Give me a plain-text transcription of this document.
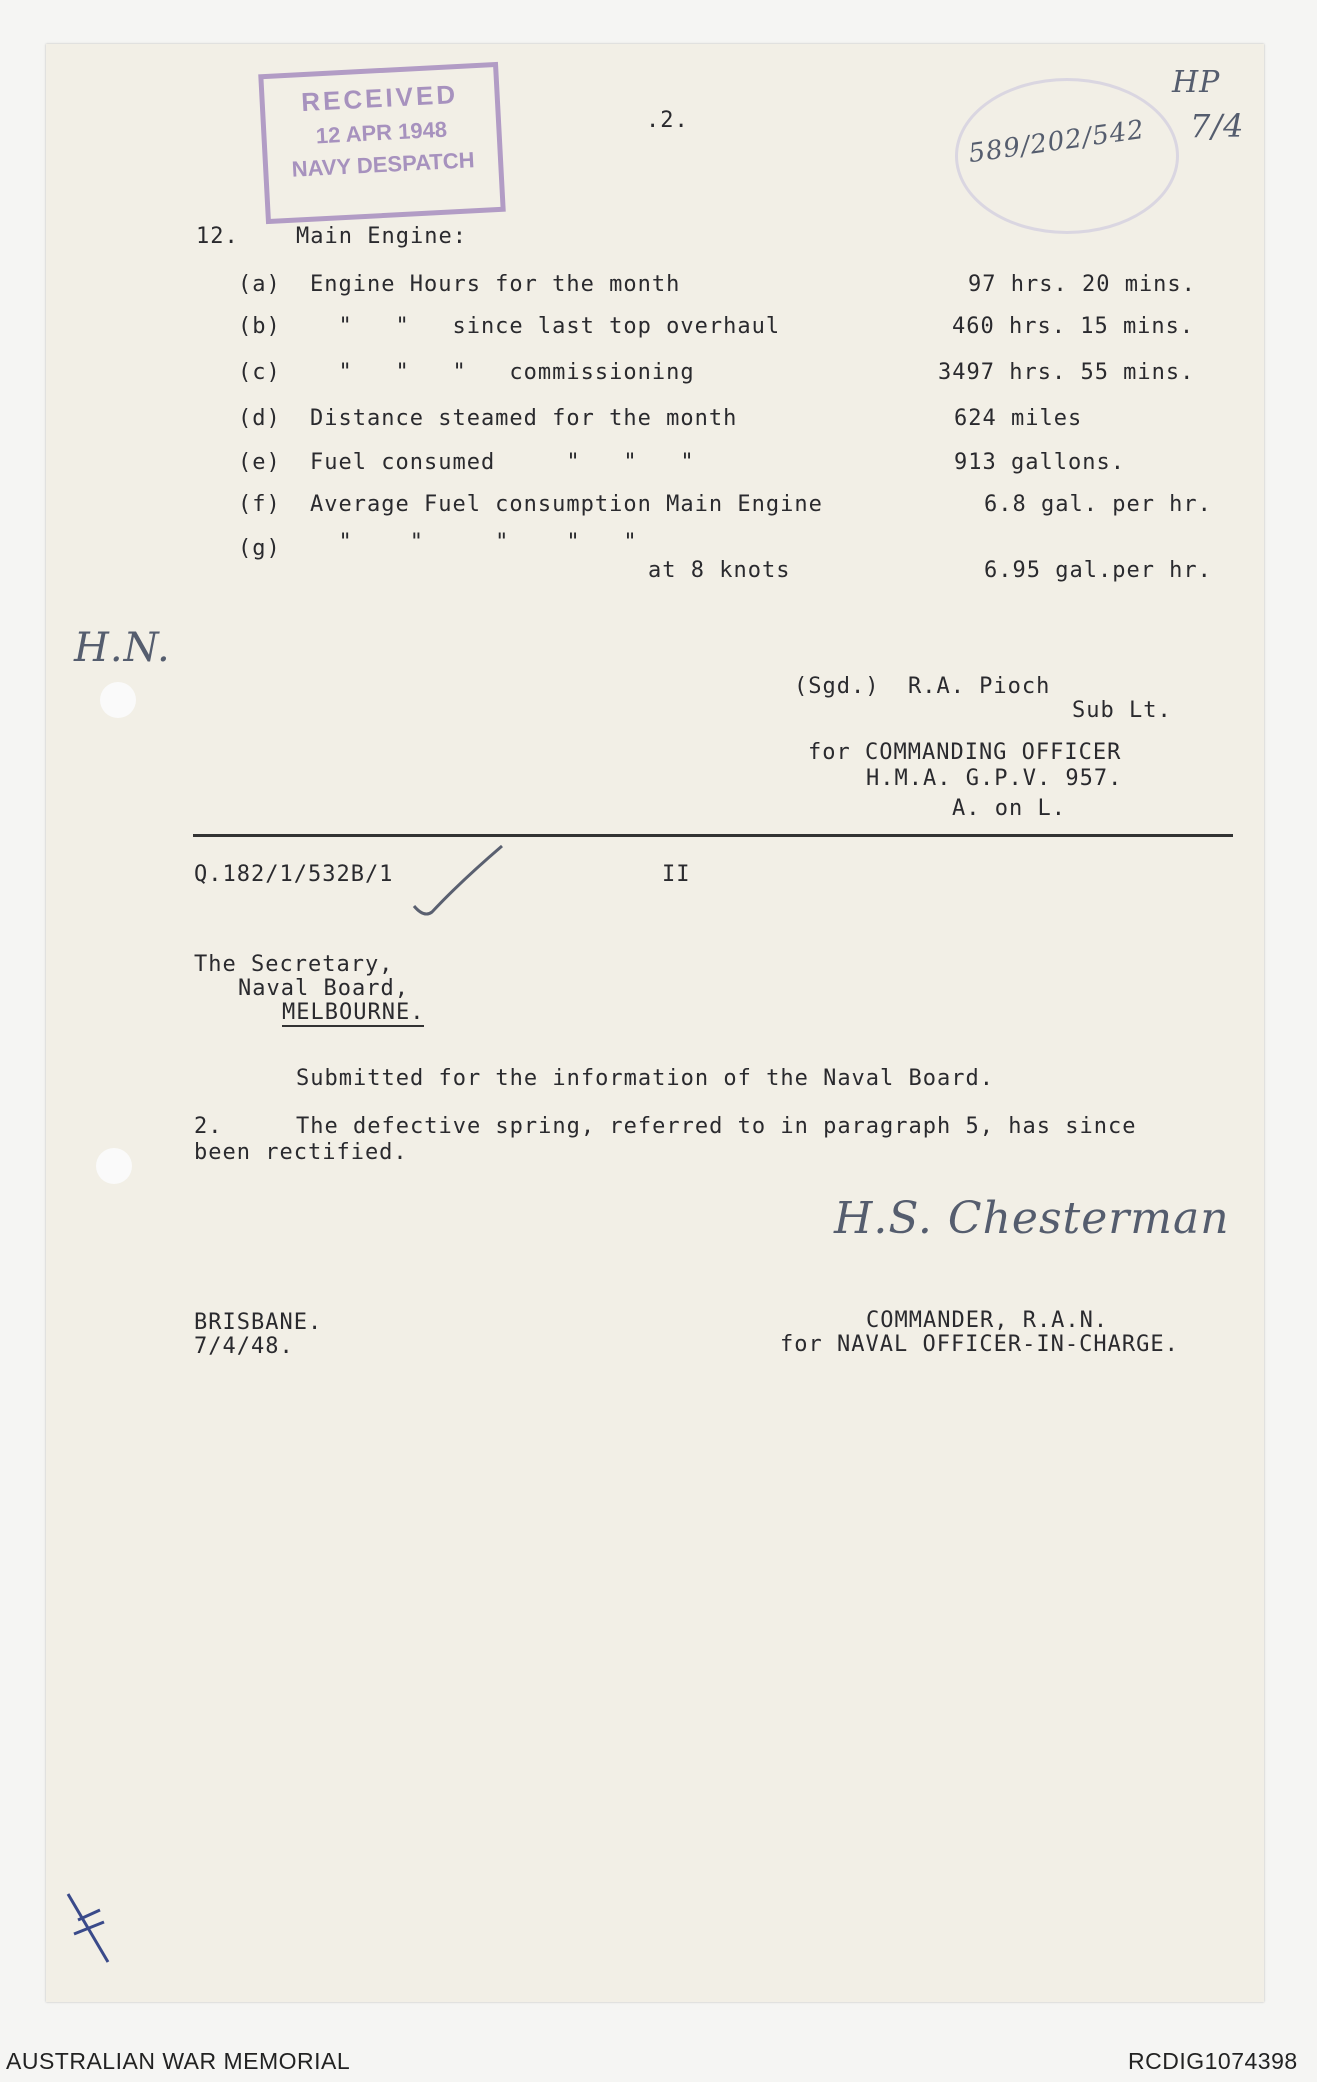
RECEIVED
12 APR 1948
NAVY DESPATCH	589/202/542
HP
7/4
H.N.
.2.
12.	Main Engine:
(a) Engine Hours for the month	97 hrs. 20 mins.
(b) "   "   since last top overhaul	460 hrs. 15 mins.
(c) "   "   "   commissioning	3497 hrs. 55 mins.
(d) Distance steamed for the month	624 miles
(e) Fuel consumed     "   "   "	913 gallons.
(f) Average Fuel consumption Main Engine	6.8 gal. per hr.
(g) "    "     "    "   "
at 8 knots	6.95 gal.per hr.
(Sgd.)  R.A. Pioch
Sub Lt.
for COMMANDING OFFICER
H.M.A. G.P.V. 957.
A. on L.
Q.182/1/532B/1	II
The Secretary,
Naval Board,
MELBOURNE.
Submitted for the information of the Naval Board.
2.	The defective spring, referred to in paragraph 5, has since
been rectified.
H.S. Chesterman
BRISBANE.
7/4/48.
COMMANDER, R.A.N.
for NAVAL OFFICER-IN-CHARGE.
AUSTRALIAN WAR MEMORIAL	RCDIG1074398
